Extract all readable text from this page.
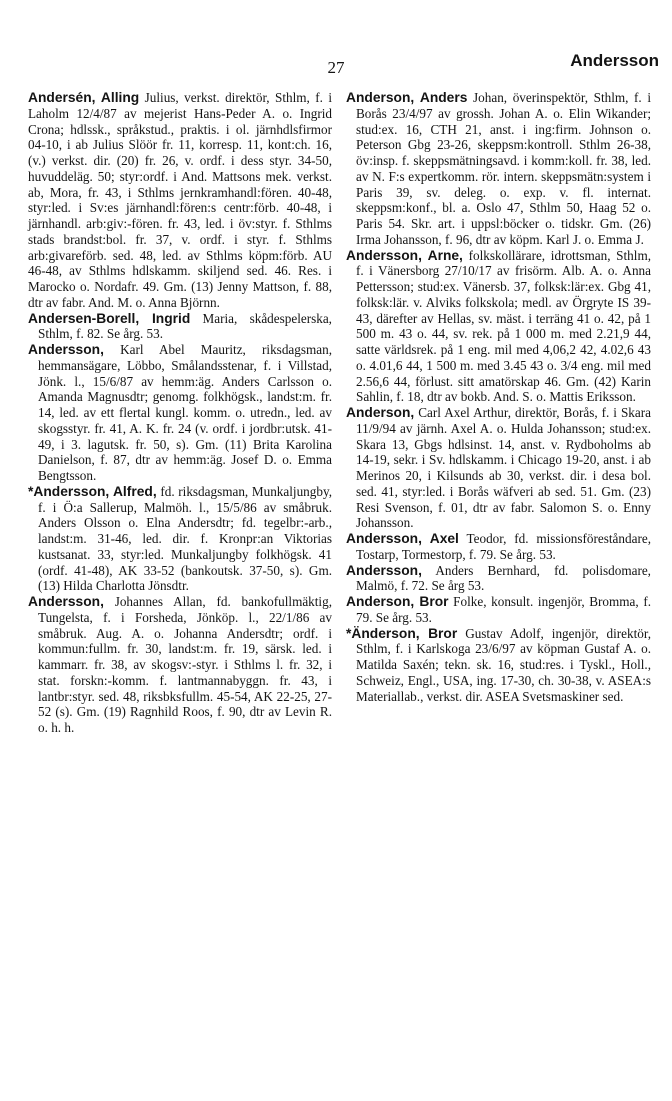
27	Andersson

Andersén, Alling Julius, verkst. direktör, Sthlm, f. i Laholm 12/4/87 av mejerist Hans-Peder A. o. Ingrid Crona; hdlssk., språkstud., praktis. i ol. järnhdlsfirmor 04-10, i ab Julius Slöör fr. 11, korresp. 11, kont:ch. 16, (v.) verkst. dir. (20) fr. 26, v. ordf. i dess styr. 34-50, huvuddeläg. 50; styr:ordf. i And. Mattsons mek. verkst. ab, Mora, fr. 43, i Sthlms jernkramhandl:fören. 40-48, styr:led. i Sv:es järnhandl:fören:s centr:förb. 40-48, i järnhandl. arb:giv:-fören. fr. 43, led. i öv:styr. f. Sthlms stads brandst:bol. fr. 37, v. ordf. i styr. f. Sthlms arb:givareförb. sed. 48, led. av Sthlms köpm:förb. AU 46-48, av Sthlms hdlskamm. skiljend sed. 46. Res. i Marocko o. Nordafr. 49. Gm. (13) Jenny Mattson, f. 88, dtr av fabr. And. M. o. Anna Björnn.

Andersen-Borell, Ingrid Maria, skådespelerska, Sthlm, f. 82. Se årg. 53.

Andersson, Karl Abel Mauritz, riksdagsman, hemmansägare, Löbbo, Smålandsstenar, f. i Villstad, Jönk. l., 15/6/87 av hemm:äg. Anders Carlsson o. Amanda Magnusdtr; genomg. folkhögsk., landst:m. fr. 14, led. av ett flertal kungl. komm. o. utredn., led. av skogsstyr. fr. 41, A. K. fr. 24 (v. ordf. i jordbr:utsk. 41-49, i 3. lagutsk. fr. 50, s). Gm. (11) Brita Karolina Danielson, f. 87, dtr av hemm:äg. Josef D. o. Emma Bengtsson.

*Andersson, Alfred, fd. riksdagsman, Munkaljungby, f. i Ö:a Sallerup, Malmöh. l., 15/5/86 av småbruk. Anders Olsson o. Elna Andersdtr; fd. tegelbr:-arb., landst:m. 31-46, led. dir. f. Kronpr:an Viktorias kustsanat. 33, styr:led. Munkaljungby folkhögsk. 41 (ordf. 41-48), AK 33-52 (bankoutsk. 37-50, s). Gm. (13) Hilda Charlotta Jönsdtr.

Andersson, Johannes Allan, fd. bankofullmäktig, Tungelsta, f. i Forsheda, Jönköp. l., 22/1/86 av småbruk. Aug. A. o. Johanna Andersdtr; ordf. i kommun:fullm. fr. 30, landst:m. fr. 19, särsk. led. i kammarr. fr. 38, av skogsv:-styr. i Sthlms l. fr. 32, i stat. forskn:-komm. f. lantmannabyggn. fr. 43, i lantbr:styr. sed. 48, riksbksfullm. 45-54, AK 22-25, 27-52 (s). Gm. (19) Ragnhild Roos, f. 90, dtr av Levin R. o. h. h.

Anderson, Anders Johan, överinspektör, Sthlm, f. i Borås 23/4/97 av grossh. Johan A. o. Elin Wikander; stud:ex. 16, CTH 21, anst. i ing:firm. Johnson o. Peterson Gbg 23-26, skeppsm:kontroll. Sthlm 26-38, öv:insp. f. skeppsmätningsavd. i komm:koll. fr. 38, led. av N. F:s expertkomm. rör. intern. skeppsmätn:system i Paris 39, sv. deleg. o. exp. v. fl. internat. skeppsm:konf., bl. a. Oslo 47, Sthlm 50, Haag 52 o. Paris 54. Skr. art. i uppsl:böcker o. tidskr. Gm. (26) Irma Johansson, f. 96, dtr av köpm. Karl J. o. Emma J.

Andersson, Arne, folkskollärare, idrottsman, Sthlm, f. i Vänersborg 27/10/17 av frisörm. Alb. A. o. Anna Pettersson; stud:ex. Vänersb. 37, folksk:lär:ex. Gbg 41, folksk:lär. v. Alviks folkskola; medl. av Örgryte IS 39-43, därefter av Hellas, sv. mäst. i terräng 41 o. 42, på 1 500 m. 43 o. 44, sv. rek. på 1 000 m. med 2.21,9 44, satte världsrek. på 1 eng. mil med 4,06,2 42, 4.02,6 43 o. 4.01,6 44, 1 500 m. med 3.45 43 o. 3/4 eng. mil med 2.56,6 44, förlust. sitt amatörskap 46. Gm. (42) Karin Sahlin, f. 18, dtr av bokb. And. S. o. Mattis Eriksson.

Anderson, Carl Axel Arthur, direktör, Borås, f. i Skara 11/9/94 av järnh. Axel A. o. Hulda Johansson; stud:ex. Skara 13, Gbgs hdlsinst. 14, anst. v. Rydboholms ab 14-19, sekr. i Sv. hdlskamm. i Chicago 19-20, anst. i ab Merinos 20, i Kilsunds ab 30, verkst. dir. i desa bol. sed. 41, styr:led. i Borås wäfveri ab sed. 51. Gm. (23) Resi Svenson, f. 01, dtr av fabr. Salomon S. o. Enny Johansson.

Andersson, Axel Teodor, fd. missionsföreståndare, Tostarp, Tormestorp, f. 79. Se årg. 53.

Andersson, Anders Bernhard, fd. polisdomare, Malmö, f. 72. Se årg 53.

Anderson, Bror Folke, konsult. ingenjör, Bromma, f. 79. Se årg. 53.

*Änderson, Bror Gustav Adolf, ingenjör, direktör, Sthlm, f. i Karlskoga 23/6/97 av köpman Gustaf A. o. Matilda Saxén; tekn. sk. 16, stud:res. i Tyskl., Holl., Schweiz, Engl., USA, ing. 17-30, ch. 30-38, v. ASEA:s Materiallab., verkst. dir. ASEA Svetsmaskiner sed.
